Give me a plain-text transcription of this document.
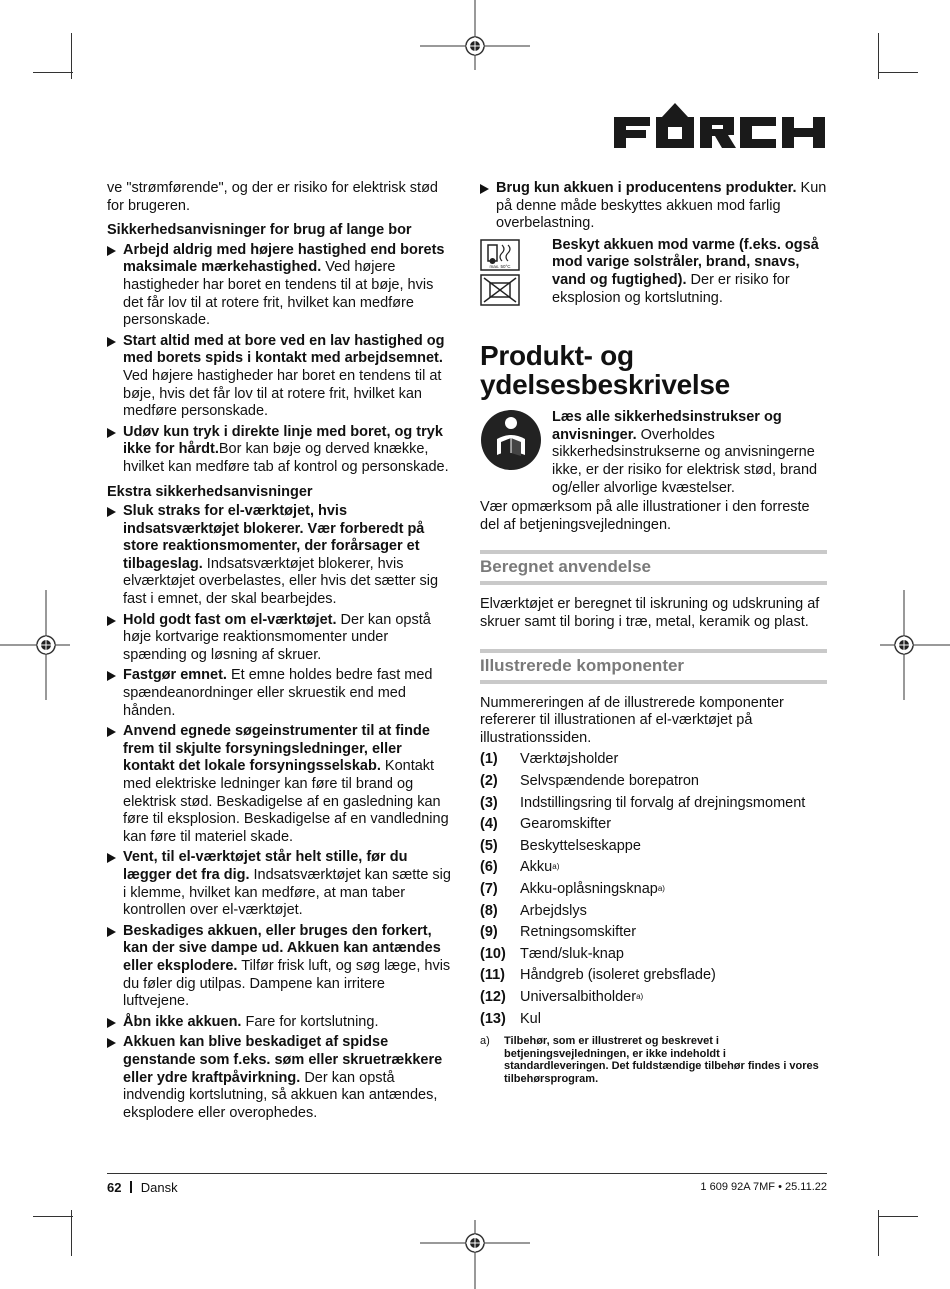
ve "strømførende", og der er risiko for elektrisk stød for brugeren.

Sikkerhedsanvisninger for brug af lange bor

Arbejd aldrig med højere hastighed end borets maksimale mærkehastighed. Ved højere hastigheder har boret en tendens til at bøje, hvis det får lov til at rotere frit, hvilket kan medføre personskade.
Start altid med at bore ved en lav hastighed og med borets spids i kontakt med arbejdsemnet. Ved højere hastigheder har boret en tendens til at bøje, hvis det får lov til at rotere frit, hvilket kan medføre personskade.
Udøv kun tryk i direkte linje med boret, og tryk ikke for hårdt.Bor kan bøje og derved knække, hvilket kan medføre tab af kontrol og personskade.

Ekstra sikkerhedsanvisninger

Sluk straks for el-værktøjet, hvis indsatsværktøjet blokerer. Vær forberedt på store reaktionsmomenter, der forårsager et tilbageslag. Indsatsværktøjet blokerer, hvis elværktøjet overbelastes, eller hvis det sætter sig fast i emnet, der skal bearbejdes.
Hold godt fast om el-værktøjet. Der kan opstå høje kortvarige reaktionsmomenter under spænding og løsning af skruer.
Fastgør emnet. Et emne holdes bedre fast med spændeanordninger eller skruestik end med hånden.
Anvend egnede søgeinstrumenter til at finde frem til skjulte forsyningsledninger, eller kontakt det lokale forsyningsselskab. Kontakt med elektriske ledninger kan føre til brand og elektrisk stød. Beskadigelse af en gasledning kan føre til eksplosion. Beskadigelse af en vandledning kan føre til materiel skade.
Vent, til el-værktøjet står helt stille, før du lægger det fra dig. Indsatsværktøjet kan sætte sig i klemme, hvilket kan medføre, at man taber kontrollen over el-værktøjet.
Beskadiges akkuen, eller bruges den forkert, kan der sive dampe ud. Akkuen kan antændes eller eksplodere. Tilfør frisk luft, og søg læge, hvis du føler dig utilpas. Dampene kan irritere luftvejene.
Åbn ikke akkuen. Fare for kortslutning.
Akkuen kan blive beskadiget af spidse genstande som f.eks. søm eller skruetrækkere eller ydre kraftpåvirkning. Der kan opstå indvendig kortslutning, så akkuen kan antændes, eksplodere eller overophedes.
Brug kun akkuen i producentens produkter. Kun på denne måde beskyttes akkuen mod farlig overbelastning.
max. 50°C
Beskyt akkuen mod varme (f.eks. også mod varige solstråler, brand, snavs, vand og fugtighed). Der er risiko for eksplosion og kortslutning.
Produkt- og ydelsesbeskrivelse
Læs alle sikkerhedsinstrukser og anvisninger. Overholdes sikkerhedsinstrukserne og anvisningerne ikke, er der risiko for elektrisk stød, brand og/eller alvorlige kvæstelser.

Vær opmærksom på alle illustrationer i den forreste del af betjeningsvejledningen.

Beregnet anvendelse

Elværktøjet er beregnet til iskruning og udskruning af skruer samt til boring i træ, metal, keramik og plast.

Illustrerede komponenter

Nummereringen af de illustrerede komponenter refererer til illustrationen af el-værktøjet på illustrationssiden.

(1)	Værktøjsholder
(2)	Selvspændende borepatron
(3)	Indstillingsring til forvalg af drejningsmoment
(4)	Gearomskifter
(5)	Beskyttelseskappe
(6)	Akku$^{a)}$
(7)	Akku-oplåsningsknap$^{a)}$
(8)	Arbejdslys
(9)	Retningsomskifter
(10)	Tænd/sluk-knap
(11)	Håndgreb (isoleret grebsflade)
(12)	Universalbitholder$^{a)}$
(13)	Kul
a) Tilbehør, som er illustreret og beskrevet i betjeningsvejledningen, er ikke indeholdt i standardleveringen. Det fuldstændige tilbehør findes i vores tilbehørsprogram.
62 Dansk	1 609 92A 7MF • 25.11.22
